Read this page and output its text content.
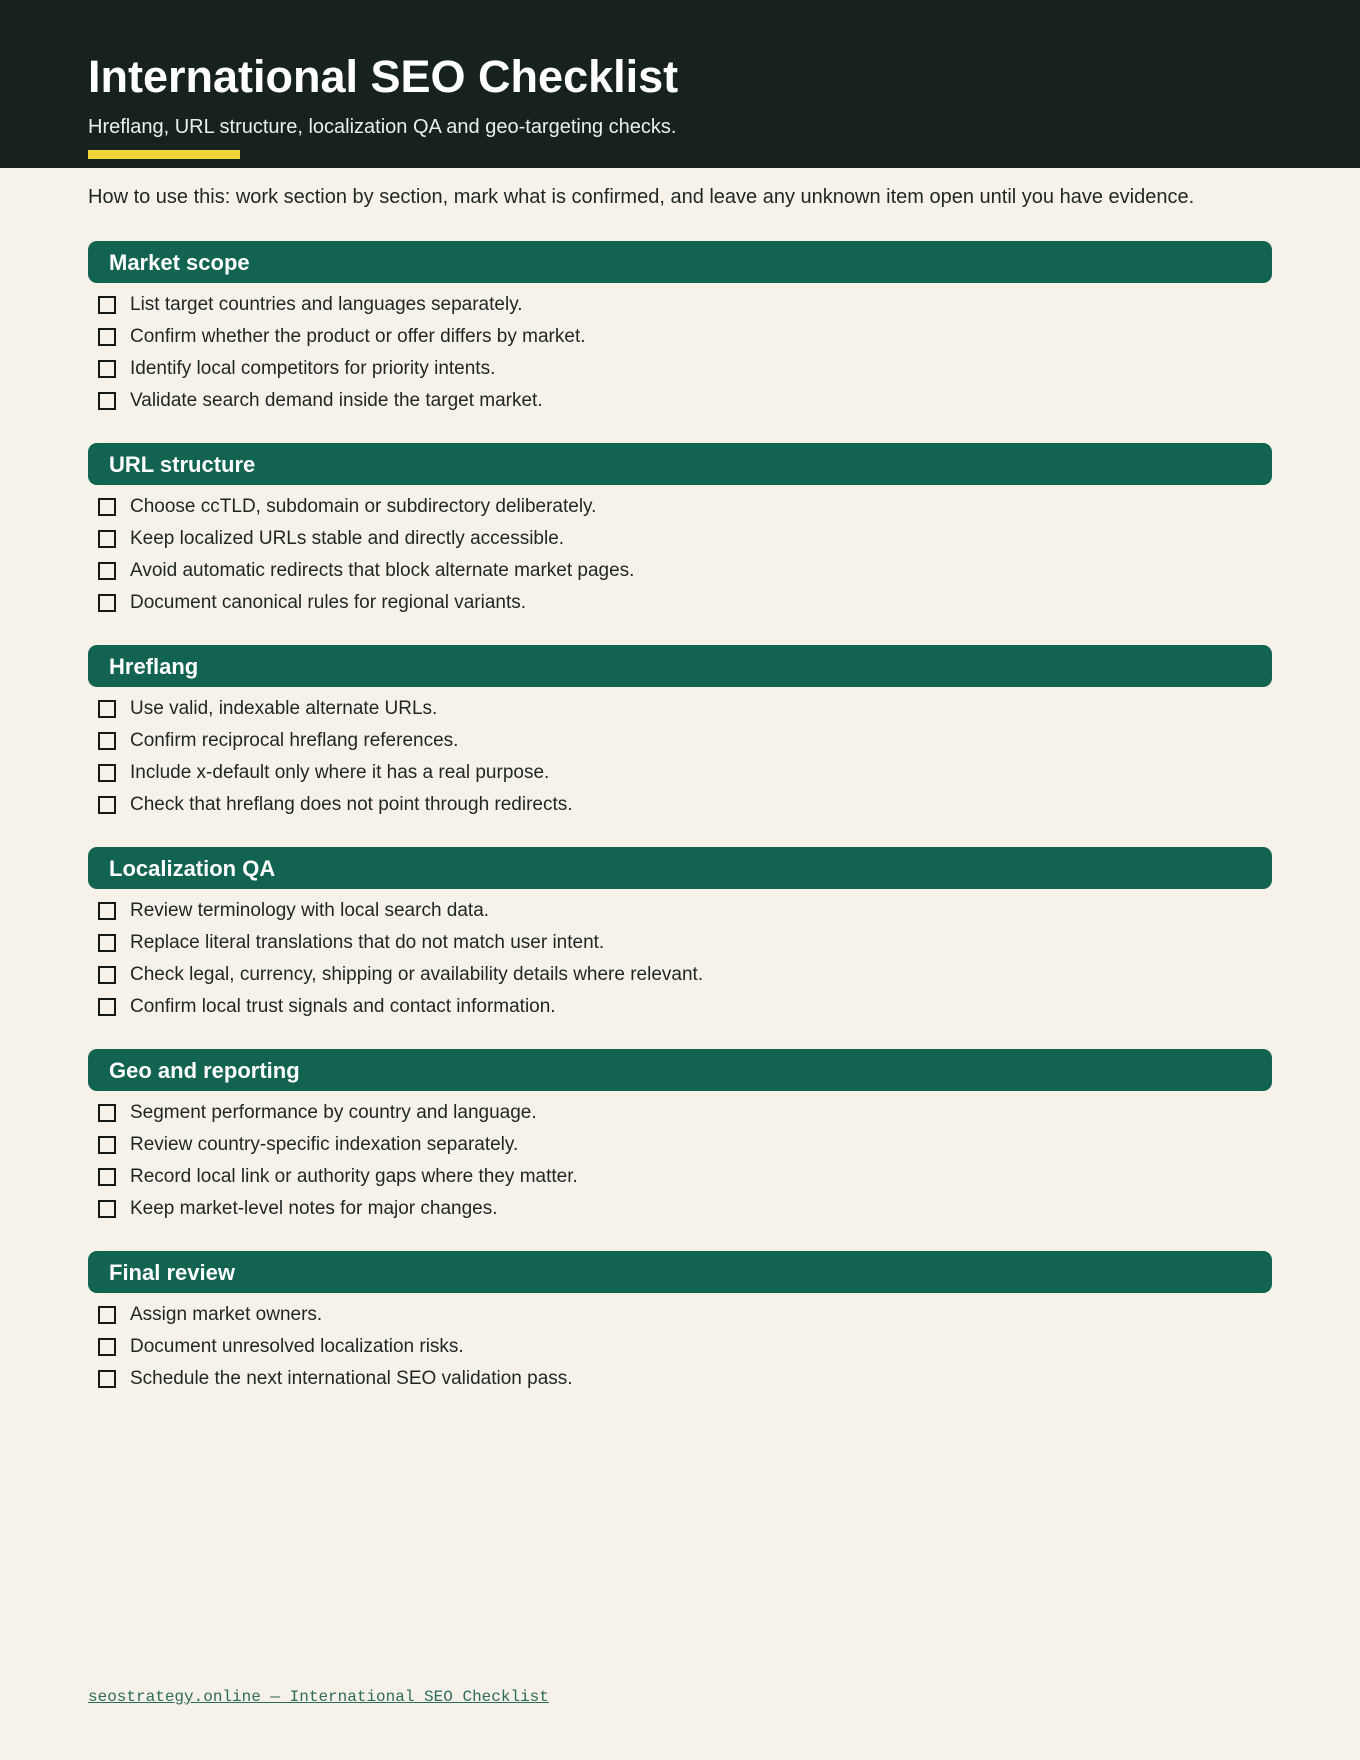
International SEO Checklist

Hreflang, URL structure, localization QA and geo-targeting checks.

How to use this: work section by section, mark what is confirmed, and leave any unknown item open until you have evidence.

Market scope
List target countries and languages separately.
Confirm whether the product or offer differs by market.
Identify local competitors for priority intents.
Validate search demand inside the target market.
URL structure
Choose ccTLD, subdomain or subdirectory deliberately.
Keep localized URLs stable and directly accessible.
Avoid automatic redirects that block alternate market pages.
Document canonical rules for regional variants.
Hreflang
Use valid, indexable alternate URLs.
Confirm reciprocal hreflang references.
Include x-default only where it has a real purpose.
Check that hreflang does not point through redirects.
Localization QA
Review terminology with local search data.
Replace literal translations that do not match user intent.
Check legal, currency, shipping or availability details where relevant.
Confirm local trust signals and contact information.
Geo and reporting
Segment performance by country and language.
Review country-specific indexation separately.
Record local link or authority gaps where they matter.
Keep market-level notes for major changes.
Final review
Assign market owners.
Document unresolved localization risks.
Schedule the next international SEO validation pass.
seostrategy.online — International SEO Checklist
